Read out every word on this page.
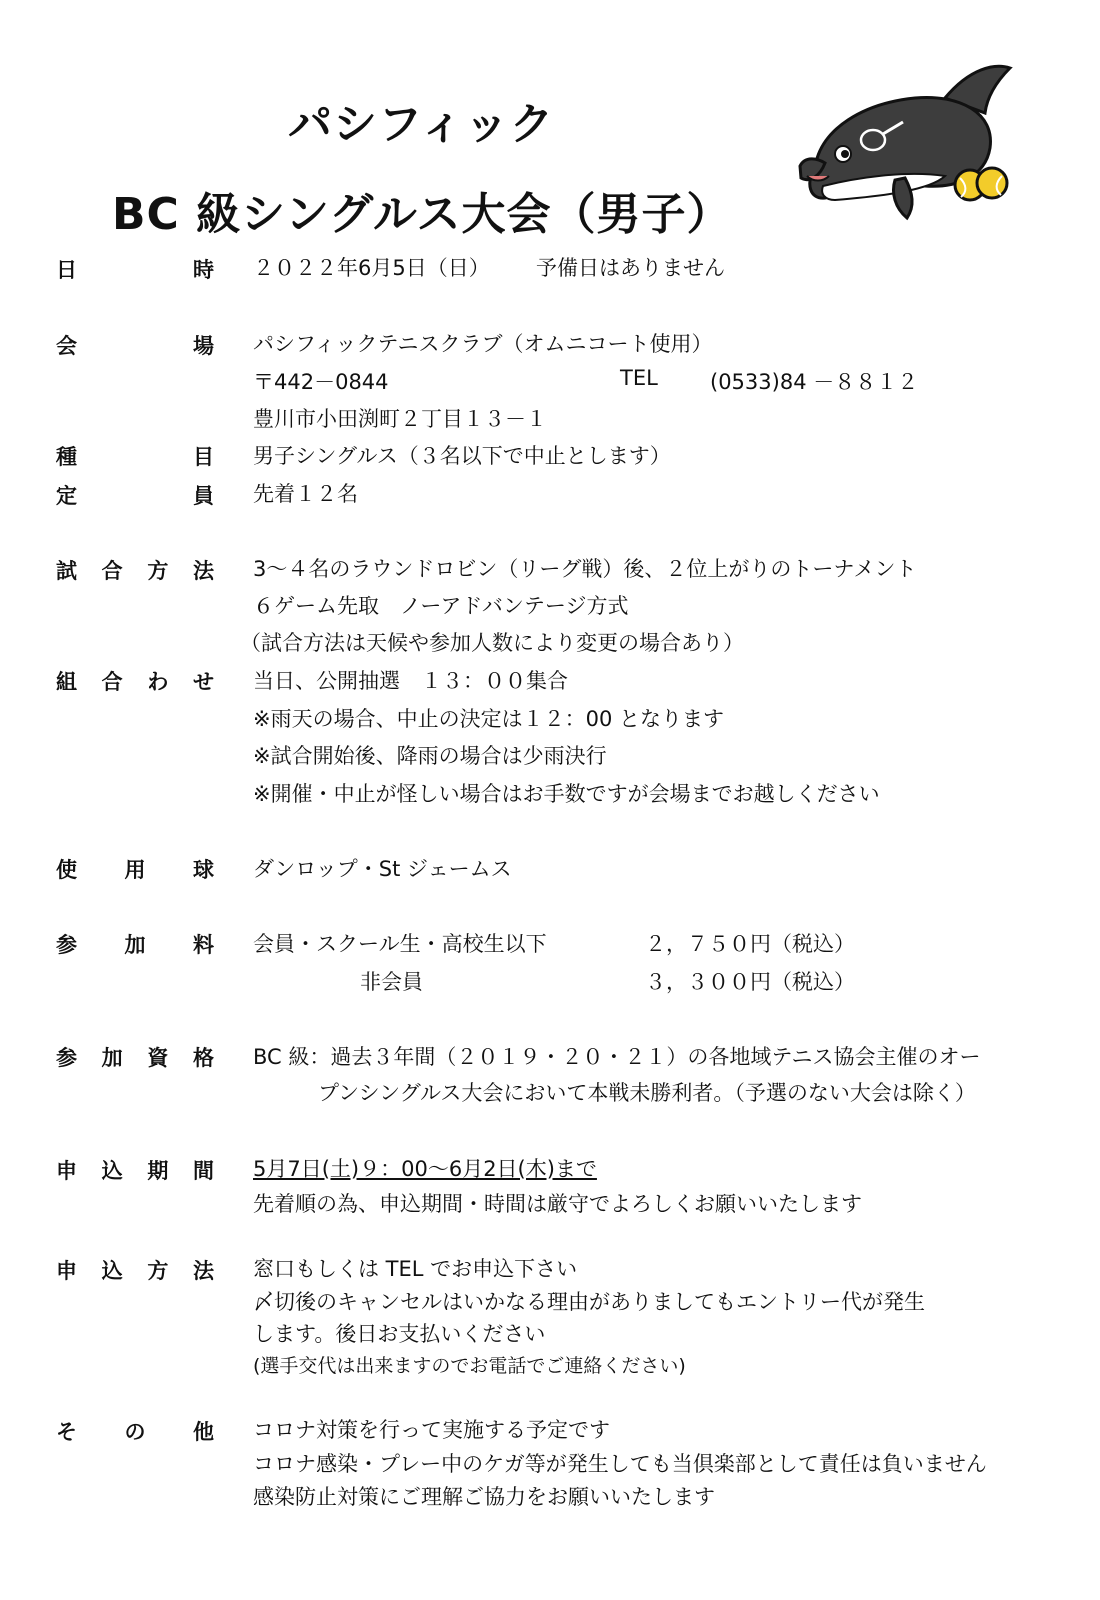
パシフィック
BC 級シングルス大会（男子）
日	時 ２０２２年6月5日（日） 予備日はありません
会	場 パシフィックテニスクラブ（オムニコート使用）
〒442－0844	TEL (0533)84 －８８１２
豊川市小田渕町２丁目１３－１
種	目 男子シングルス（３名以下で中止とします）
定	員 先着１２名
試 合 方 法 3～４名のラウンドロビン（リーグ戦）後、２位上がりのトーナメント
６ゲーム先取　ノーアドバンテージ方式
（試合方法は天候や参加人数により変更の場合あり）
組 合 わ せ 当日、公開抽選　１３：００集合
※雨天の場合、中止の決定は１２：00 となります
※試合開始後、降雨の場合は少雨決行
※開催・中止が怪しい場合はお手数ですが会場までお越しください
使 用 球 ダンロップ・St ジェームス
参 加 料 会員・スクール生・高校生以下	２，７５０円（税込）
非会員	３，３００円（税込）
参 加 資 格 BC 級：過去３年間（２０１９・２０・２１）の各地域テニス協会主催のオー
プンシングルス大会において本戦未勝利者。（予選のない大会は除く）
申 込 期 間 5月7日(土)９：00～6月2日(木)まで
先着順の為、申込期間・時間は厳守でよろしくお願いいたします
申 込 方 法 窓口もしくは TEL でお申込下さい
〆切後のキャンセルはいかなる理由がありましてもエントリー代が発生
します。後日お支払いください
(選手交代は出来ますのでお電話でご連絡ください)
そ の 他 コロナ対策を行って実施する予定です
コロナ感染・プレー中のケガ等が発生しても当倶楽部として責任は負いません
感染防止対策にご理解ご協力をお願いいたします
